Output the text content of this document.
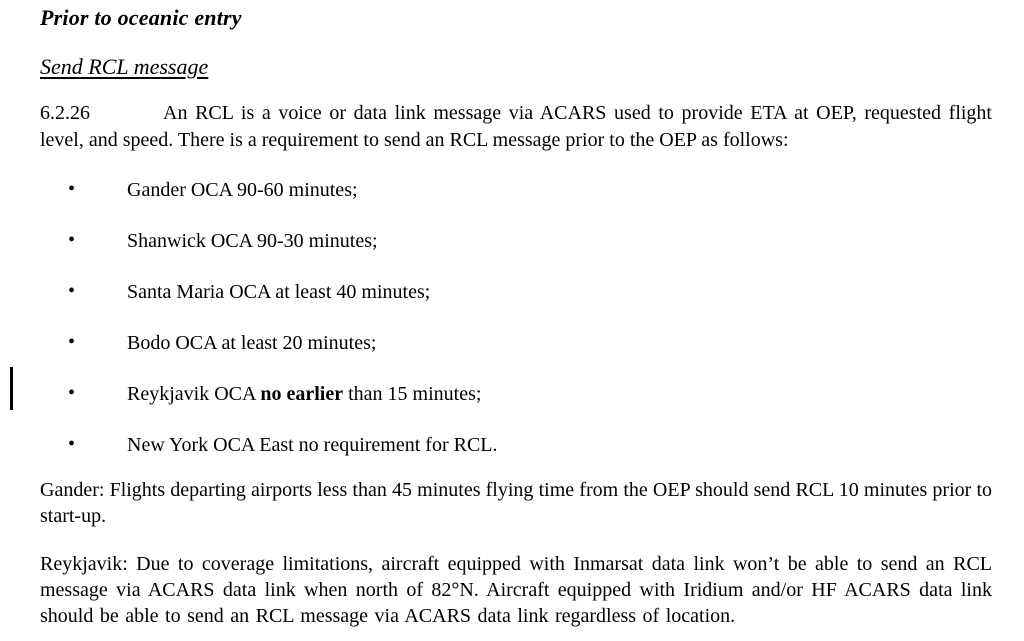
Prior to oceanic entry
Send RCL message
6.2.26	An RCL is a voice or data link message via ACARS used to provide ETA at OEP, requested flight level, and speed. There is a requirement to send an RCL message prior to the OEP as follows:
•	Gander OCA 90-60 minutes;
•	Shanwick OCA 90-30 minutes;
•	Santa Maria OCA at least 40 minutes;
•	Bodo OCA at least 20 minutes;
•	Reykjavik OCA no earlier than 15 minutes;
•	New York OCA East no requirement for RCL.
Gander: Flights departing airports less than 45 minutes flying time from the OEP should send RCL 10 minutes prior to start-up.
Reykjavik: Due to coverage limitations, aircraft equipped with Inmarsat data link won’t be able to send an RCL message via ACARS data link when north of 82°N. Aircraft equipped with Iridium and/or HF ACARS data link should be able to send an RCL message via ACARS data link regardless of location.
